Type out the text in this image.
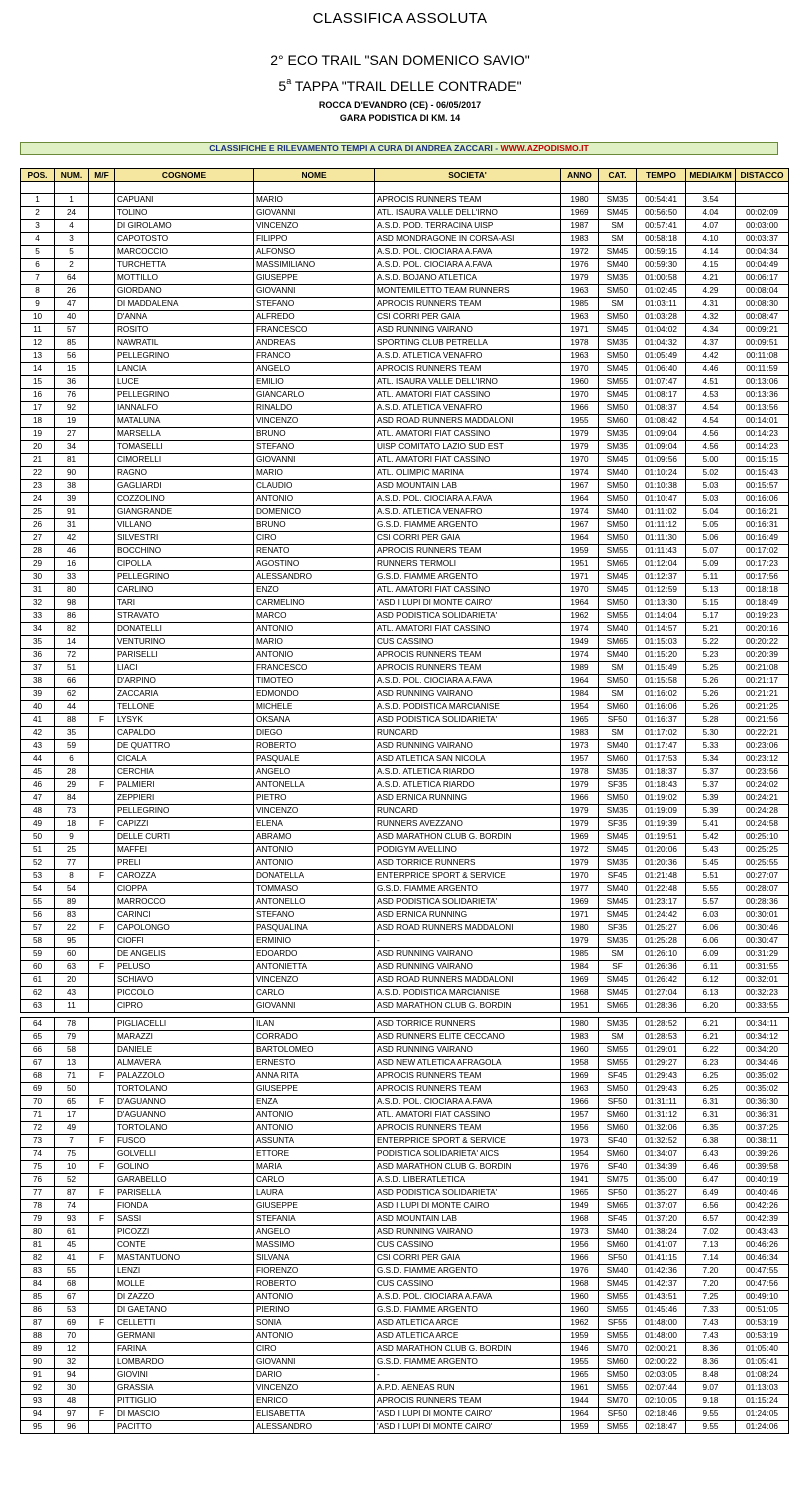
CLASSIFICA ASSOLUTA
2° ECO TRAIL "SAN DOMENICO SAVIO"
5$^a$ TAPPA "TRAIL DELLE CONTRADE"
ROCCA D'EVANDRO (CE) - 06/05/2017
GARA PODISTICA DI KM. 14
CLASSIFICHE E RILEVAMENTO TEMPI A CURA DI ANDREA ZACCARI - WWW.AZPODISMO.IT
POS.	NUM.	M/F	COGNOME	NOME	SOCIETA'	ANNO	CAT.	TEMPO	MEDIA/KM	DISTACCO

1	1		CAPUANI	MARIO	APROCIS RUNNERS TEAM	1980	SM35	00:54:41	3.54	
2	24		TOLINO	GIOVANNI	ATL. ISAURA VALLE DELL'IRNO	1969	SM45	00:56:50	4.04	00:02:09
3	4		DI GIROLAMO	VINCENZO	A.S.D. POD. TERRACINA UISP	1987	SM	00:57:41	4.07	00:03:00
4	3		CAPOTOSTO	FILIPPO	ASD MONDRAGONE IN CORSA-ASI	1983	SM	00:58:18	4.10	00:03:37
5	5		MARCOCCIO	ALFONSO	A.S.D. POL. CIOCIARA A.FAVA	1972	SM45	00:59:15	4.14	00:04:34
6	2		TURCHETTA	MASSIMILIANO	A.S.D. POL. CIOCIARA A.FAVA	1976	SM40	00:59:30	4.15	00:04:49
7	64		MOTTILLO	GIUSEPPE	A.S.D. BOJANO ATLETICA	1979	SM35	01:00:58	4.21	00:06:17
8	26		GIORDANO	GIOVANNI	MONTEMILETTO TEAM RUNNERS	1963	SM50	01:02:45	4.29	00:08:04
9	47		DI MADDALENA	STEFANO	APROCIS RUNNERS TEAM	1985	SM	01:03:11	4.31	00:08:30
10	40		D'ANNA	ALFREDO	CSI CORRI PER GAIA	1963	SM50	01:03:28	4.32	00:08:47
11	57		ROSITO	FRANCESCO	ASD RUNNING VAIRANO	1971	SM45	01:04:02	4.34	00:09:21
12	85		NAWRATIL	ANDREAS	SPORTING CLUB PETRELLA	1978	SM35	01:04:32	4.37	00:09:51
13	56		PELLEGRINO	FRANCO	A.S.D. ATLETICA VENAFRO	1963	SM50	01:05:49	4.42	00:11:08
14	15		LANCIA	ANGELO	APROCIS RUNNERS TEAM	1970	SM45	01:06:40	4.46	00:11:59
15	36		LUCE	EMILIO	ATL. ISAURA VALLE DELL'IRNO	1960	SM55	01:07:47	4.51	00:13:06
16	76		PELLEGRINO	GIANCARLO	ATL. AMATORI FIAT CASSINO	1970	SM45	01:08:17	4.53	00:13:36
17	92		IANNALFO	RINALDO	A.S.D. ATLETICA VENAFRO	1966	SM50	01:08:37	4.54	00:13:56
18	19		MATALUNA	VINCENZO	ASD ROAD RUNNERS MADDALONI	1955	SM60	01:08:42	4.54	00:14:01
19	27		MARSELLA	BRUNO	ATL. AMATORI FIAT CASSINO	1979	SM35	01:09:04	4.56	00:14:23
20	34		TOMASELLI	STEFANO	UISP COMITATO LAZIO SUD EST	1979	SM35	01:09:04	4.56	00:14:23
21	81		CIMORELLI	GIOVANNI	ATL. AMATORI FIAT CASSINO	1970	SM45	01:09:56	5.00	00:15:15
22	90		RAGNO	MARIO	ATL. OLIMPIC MARINA	1974	SM40	01:10:24	5.02	00:15:43
23	38		GAGLIARDI	CLAUDIO	ASD MOUNTAIN LAB	1967	SM50	01:10:38	5.03	00:15:57
24	39		COZZOLINO	ANTONIO	A.S.D. POL. CIOCIARA A.FAVA	1964	SM50	01:10:47	5.03	00:16:06
25	91		GIANGRANDE	DOMENICO	A.S.D. ATLETICA VENAFRO	1974	SM40	01:11:02	5.04	00:16:21
26	31		VILLANO	BRUNO	G.S.D. FIAMME ARGENTO	1967	SM50	01:11:12	5.05	00:16:31
27	42		SILVESTRI	CIRO	CSI CORRI PER GAIA	1964	SM50	01:11:30	5.06	00:16:49
28	46		BOCCHINO	RENATO	APROCIS RUNNERS TEAM	1959	SM55	01:11:43	5.07	00:17:02
29	16		CIPOLLA	AGOSTINO	RUNNERS TERMOLI	1951	SM65	01:12:04	5.09	00:17:23
30	33		PELLEGRINO	ALESSANDRO	G.S.D. FIAMME ARGENTO	1971	SM45	01:12:37	5.11	00:17:56
31	80		CARLINO	ENZO	ATL. AMATORI FIAT CASSINO	1970	SM45	01:12:59	5.13	00:18:18
32	98		TARI	CARMELINO	'ASD I LUPI DI MONTE CAIRO'	1964	SM50	01:13:30	5.15	00:18:49
33	86		STRAVATO	MARCO	ASD PODISTICA SOLIDARIETA'	1962	SM55	01:14:04	5.17	00:19:23
34	82		DONATELLI	ANTONIO	ATL. AMATORI FIAT CASSINO	1974	SM40	01:14:57	5.21	00:20:16
35	14		VENTURINO	MARIO	CUS CASSINO	1949	SM65	01:15:03	5.22	00:20:22
36	72		PARISELLI	ANTONIO	APROCIS RUNNERS TEAM	1974	SM40	01:15:20	5.23	00:20:39
37	51		LIACI	FRANCESCO	APROCIS RUNNERS TEAM	1989	SM	01:15:49	5.25	00:21:08
38	66		D'ARPINO	TIMOTEO	A.S.D. POL. CIOCIARA A.FAVA	1964	SM50	01:15:58	5.26	00:21:17
39	62		ZACCARIA	EDMONDO	ASD RUNNING VAIRANO	1984	SM	01:16:02	5.26	00:21:21
40	44		TELLONE	MICHELE	A.S.D. PODISTICA MARCIANISE	1954	SM60	01:16:06	5.26	00:21:25
41	88	F	LYSYK	OKSANA	ASD PODISTICA SOLIDARIETA'	1965	SF50	01:16:37	5.28	00:21:56
42	35		CAPALDO	DIEGO	RUNCARD	1983	SM	01:17:02	5.30	00:22:21
43	59		DE QUATTRO	ROBERTO	ASD RUNNING VAIRANO	1973	SM40	01:17:47	5.33	00:23:06
44	6		CICALA	PASQUALE	ASD ATLETICA SAN NICOLA	1957	SM60	01:17:53	5.34	00:23:12
45	28		CERCHIA	ANGELO	A.S.D. ATLETICA RIARDO	1978	SM35	01:18:37	5.37	00:23:56
46	29	F	PALMIERI	ANTONELLA	A.S.D. ATLETICA RIARDO	1979	SF35	01:18:43	5.37	00:24:02
47	84		ZEPPIERI	PIETRO	ASD ERNICA RUNNING	1966	SM50	01:19:02	5.39	00:24:21
48	73		PELLEGRINO	VINCENZO	RUNCARD	1979	SM35	01:19:09	5.39	00:24:28
49	18	F	CAPIZZI	ELENA	RUNNERS AVEZZANO	1979	SF35	01:19:39	5.41	00:24:58
50	9		DELLE CURTI	ABRAMO	ASD MARATHON CLUB G. BORDIN	1969	SM45	01:19:51	5.42	00:25:10
51	25		MAFFEI	ANTONIO	PODIGYM AVELLINO	1972	SM45	01:20:06	5.43	00:25:25
52	77		PRELI	ANTONIO	ASD TORRICE RUNNERS	1979	SM35	01:20:36	5.45	00:25:55
53	8	F	CAROZZA	DONATELLA	ENTERPRICE SPORT & SERVICE	1970	SF45	01:21:48	5.51	00:27:07
54	54		CIOPPA	TOMMASO	G.S.D. FIAMME ARGENTO	1977	SM40	01:22:48	5.55	00:28:07
55	89		MARROCCO	ANTONELLO	ASD PODISTICA SOLIDARIETA'	1969	SM45	01:23:17	5.57	00:28:36
56	83		CARINCI	STEFANO	ASD ERNICA RUNNING	1971	SM45	01:24:42	6.03	00:30:01
57	22	F	CAPOLONGO	PASQUALINA	ASD ROAD RUNNERS MADDALONI	1980	SF35	01:25:27	6.06	00:30:46
58	95		CIOFFI	ERMINIO	-	1979	SM35	01:25:28	6.06	00:30:47
59	60		DE ANGELIS	EDOARDO	ASD RUNNING VAIRANO	1985	SM	01:26:10	6.09	00:31:29
60	63	F	PELUSO	ANTONIETTA	ASD RUNNING VAIRANO	1984	SF	01:26:36	6.11	00:31:55
61	20		SCHIAVO	VINCENZO	ASD ROAD RUNNERS MADDALONI	1969	SM45	01:26:42	6.12	00:32:01
62	43		PICCOLO	CARLO	A.S.D. PODISTICA MARCIANISE	1968	SM45	01:27:04	6.13	00:32:23
63	11		CIPRO	GIOVANNI	ASD MARATHON CLUB G. BORDIN	1951	SM65	01:28:36	6.20	00:33:55

64	78		PIGLIACELLI	ILAN	ASD TORRICE RUNNERS	1980	SM35	01:28:52	6.21	00:34:11
65	79		MARAZZI	CORRADO	ASD RUNNERS ELITE CECCANO	1983	SM	01:28:53	6.21	00:34:12
66	58		DANIELE	BARTOLOMEO	ASD RUNNING VAIRANO	1960	SM55	01:29:01	6.22	00:34:20
67	13		ALMAVERA	ERNESTO	ASD NEW ATLETICA AFRAGOLA	1958	SM55	01:29:27	6.23	00:34:46
68	71	F	PALAZZOLO	ANNA RITA	APROCIS RUNNERS TEAM	1969	SF45	01:29:43	6.25	00:35:02
69	50		TORTOLANO	GIUSEPPE	APROCIS RUNNERS TEAM	1963	SM50	01:29:43	6.25	00:35:02
70	65	F	D'AGUANNO	ENZA	A.S.D. POL. CIOCIARA A.FAVA	1966	SF50	01:31:11	6.31	00:36:30
71	17		D'AGUANNO	ANTONIO	ATL. AMATORI FIAT CASSINO	1957	SM60	01:31:12	6.31	00:36:31
72	49		TORTOLANO	ANTONIO	APROCIS RUNNERS TEAM	1956	SM60	01:32:06	6.35	00:37:25
73	7	F	FUSCO	ASSUNTA	ENTERPRICE SPORT & SERVICE	1973	SF40	01:32:52	6.38	00:38:11
74	75		GOLVELLI	ETTORE	PODISTICA SOLIDARIETA' AICS	1954	SM60	01:34:07	6.43	00:39:26
75	10	F	GOLINO	MARIA	ASD MARATHON CLUB G. BORDIN	1976	SF40	01:34:39	6.46	00:39:58
76	52		GARABELLO	CARLO	A.S.D. LIBERATLETICA	1941	SM75	01:35:00	6.47	00:40:19
77	87	F	PARISELLA	LAURA	ASD PODISTICA SOLIDARIETA'	1965	SF50	01:35:27	6.49	00:40:46
78	74		FIONDA	GIUSEPPE	ASD I LUPI DI MONTE CAIRO	1949	SM65	01:37:07	6.56	00:42:26
79	93	F	SASSI	STEFANIA	ASD MOUNTAIN LAB	1968	SF45	01:37:20	6.57	00:42:39
80	61		PICOZZI	ANGELO	ASD RUNNING VAIRANO	1973	SM40	01:38:24	7.02	00:43:43
81	45		CONTE	MASSIMO	CUS CASSINO	1956	SM60	01:41:07	7.13	00:46:26
82	41	F	MASTANTUONO	SILVANA	CSI CORRI PER GAIA	1966	SF50	01:41:15	7.14	00:46:34
83	55		LENZI	FIORENZO	G.S.D. FIAMME ARGENTO	1976	SM40	01:42:36	7.20	00:47:55
84	68		MOLLE	ROBERTO	CUS CASSINO	1968	SM45	01:42:37	7.20	00:47:56
85	67		DI ZAZZO	ANTONIO	A.S.D. POL. CIOCIARA A.FAVA	1960	SM55	01:43:51	7.25	00:49:10
86	53		DI GAETANO	PIERINO	G.S.D. FIAMME ARGENTO	1960	SM55	01:45:46	7.33	00:51:05
87	69	F	CELLETTI	SONIA	ASD ATLETICA ARCE	1962	SF55	01:48:00	7.43	00:53:19
88	70		GERMANI	ANTONIO	ASD ATLETICA ARCE	1959	SM55	01:48:00	7.43	00:53:19
89	12		FARINA	CIRO	ASD MARATHON CLUB G. BORDIN	1946	SM70	02:00:21	8.36	01:05:40
90	32		LOMBARDO	GIOVANNI	G.S.D. FIAMME ARGENTO	1955	SM60	02:00:22	8.36	01:05:41
91	94		GIOVINI	DARIO	-	1965	SM50	02:03:05	8.48	01:08:24
92	30		GRASSIA	VINCENZO	A.P.D. AENEAS RUN	1961	SM55	02:07:44	9.07	01:13:03
93	48		PITTIGLIO	ENRICO	APROCIS RUNNERS TEAM	1944	SM70	02:10:05	9.18	01:15:24
94	97	F	DI MASCIO	ELISABETTA	'ASD I LUPI DI MONTE CAIRO'	1964	SF50	02:18:46	9.55	01:24:05
95	96		PACITTO	ALESSANDRO	'ASD I LUPI DI MONTE CAIRO'	1959	SM55	02:18:47	9.55	01:24:06
